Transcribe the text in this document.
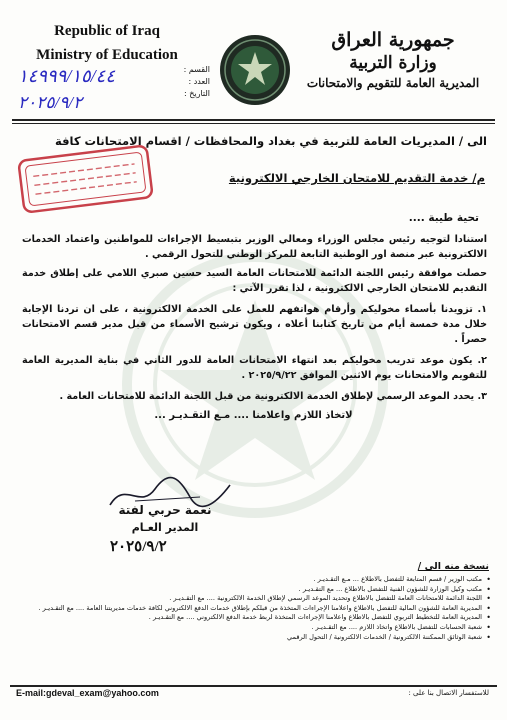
Republic of Iraq
Ministry of Education
القسم :
العدد :
التاريخ :
١٤٩٩٩/١٥/٤٤
٢٠٢٥/٩/٢
جمهورية العراق
وزارة التربية
المديرية العامة للتقويم والامتحانات
الى / المديريات العامة للتربية في بغداد والمحافظات / اقسام الامتحانات كافة
م/ خدمة التقديم للامتحان الخارجي الالكترونية
تحية طيبة ....

استنادا لتوجيه رئيس مجلس الوزراء ومعالي الوزير بتبسيط الإجراءات للمواطنين واعتماد الخدمات الالكترونية عبر منصة اور الوطنية التابعة للمركز الوطني للتحول الرقمي .

حصلت موافقة رئيس اللجنة الدائمة للامتحانات العامة السيد حسين صبري اللامي على إطلاق خدمة التقديم للامتحان الخارجي الالكترونية ، لذا تقرر الآتي :

١. تزويدنا بأسماء مخوليكم وأرقام هواتفهم للعمل على الخدمة الالكترونية ، على ان تردنا الإجابة خلال مدة خمسة أيام من تاريخ كتابنا أعلاه ، ويكون ترشيح الأسماء من قبل مدير قسم الامتحانات حصراً .

٢. يكون موعد تدريب مخوليكم بعد انتهاء الامتحانات العامة للدور الثاني في بناية المديرية العامة للتقويم والامتحانات يوم الاثنين الموافق ٢٠٢٥/٩/٢٢ .

٣. يحدد الموعد الرسمي لإطلاق الخدمة الالكترونية من قبل اللجنة الدائمة للامتحانات العامة .

لاتخاذ اللازم واعلامنا .... مـع التقـديـر ...
نعمة حربي لفتة
المدير العـام
٢٠٢٥/٩/٢
نسخة منه الى /
• مكتب الوزير / قسم المتابعة للتفضل بالاطلاع ... مـع التقـديـر .
• مكتب وكيل الوزارة للشؤون الفنية للتفضل بالاطلاع ... مع التقـديـر .
• اللجنة الدائمة للامتحانات العامة للتفضل بالاطلاع وتحديد الموعد الرسمي لإطلاق الخدمة الالكترونية .... مع التقـديـر .
• المديرية العامة للشؤون المالية للتفضل بالاطلاع واعلامنا الإجراءات المتخذة من قبلكم بإطلاق خدمات الدفع الالكتروني لكافة خدمات مديريتنا العامة .... مع التقـديـر .
• المديرية العامة للتخطيط التربوي للتفضل بالاطلاع واعلامنا الإجراءات المتخذة لربط خدمة الدفع الالكتروني .... مع التقـديـر .
• شعبة الحسابات للتفضل بالاطلاع واتخاذ اللازم .... مع التقـديـر .
• شعبة الوثائق الممكننة الالكترونية / الخدمات الالكترونية / التحول الرقمي
E-mail:gdeval_exam@yahoo.com	للاستفسار الاتصال بنا على :
